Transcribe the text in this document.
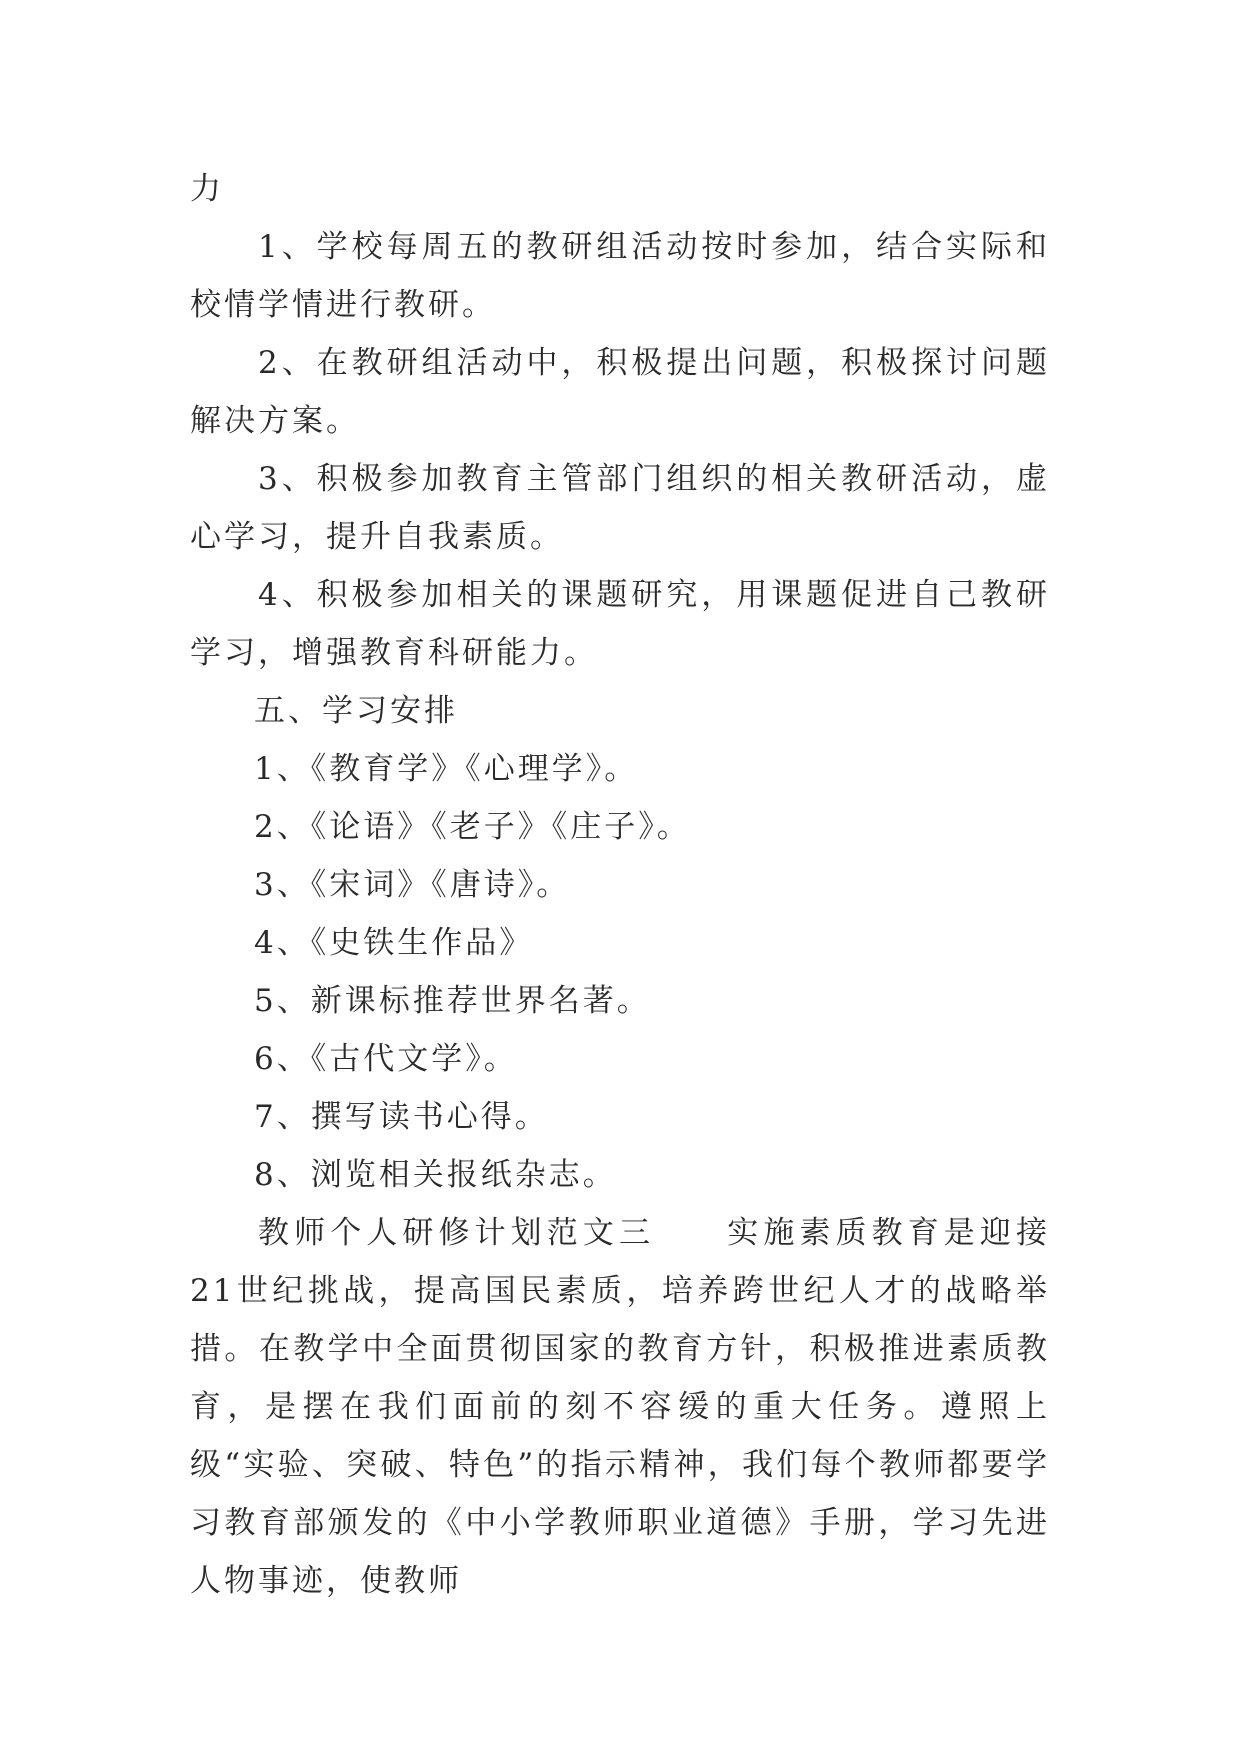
力

1、学校每周五的教研组活动按时参加，结合实际和校情学情进行教研。

2、在教研组活动中，积极提出问题，积极探讨问题解决方案。

3、积极参加教育主管部门组织的相关教研活动，虚心学习，提升自我素质。

4、积极参加相关的课题研究，用课题促进自己教研学习，增强教育科研能力。

五、学习安排

1、《教育学》《心理学》。

2、《论语》《老子》《庄子》。

3、《宋词》《唐诗》。

4、《史铁生作品》

5、新课标推荐世界名著。

6、《古代文学》。

7、撰写读书心得。

8、浏览相关报纸杂志。

教师个人研修计划范文三　　实施素质教育是迎接21世纪挑战，提高国民素质，培养跨世纪人才的战略举措。在教学中全面贯彻国家的教育方针，积极推进素质教育，是摆在我们面前的刻不容缓的重大任务。遵照上级“实验、突破、特色”的指示精神，我们每个教师都要学习教育部颁发的《中小学教师职业道德》手册，学习先进人物事迹，使教师
